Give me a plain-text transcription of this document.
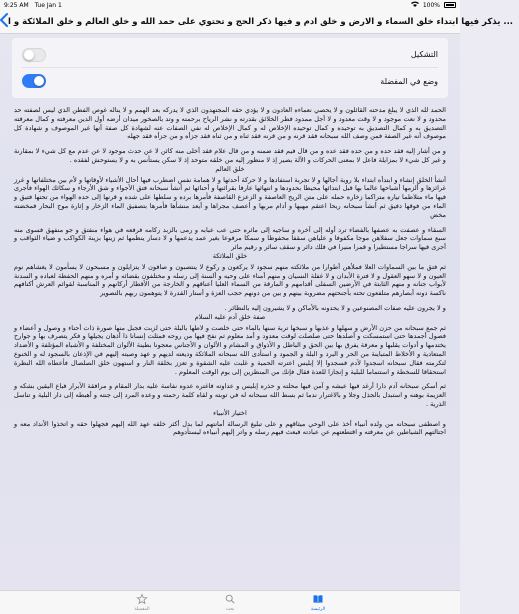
9:25 AM Tue Jan 1	100%
... يذكر فيها ابتداء خلق السماء و الارض و خلق ادم و فيها ذكر الحج و تحتوي على حمد الله و خلق العالم و خلق الملائكة و ا
التشكيل
وضع في المفضلة

الحمد لله الذي لا يبلغ مدحته القائلون و لا يحصي نعماءه العادون و لا يؤدي حقه المجتهدون الذي لا يدركه بعد الهمم و لا يناله غوص الفطن الذي ليس لصفته حد محدود و لا نعت موجود و لا وقت معدود و لا أجل ممدود فطر الخلائق بقدرته و نشر الرياح برحمته و وتد بالصخور ميدان أرضه أول الدين معرفته و كمال معرفته التصديق به و كمال التصديق به توحيده و كمال توحيده الإخلاص له و كمال الإخلاص له نفي الصفات عنه لشهادة كل صفة أنها غير الموصوف و شهادة كل موصوف أنه غير الصفة فمن وصف الله سبحانه فقد قرنه و من قرنه فقد ثناه و من ثناه فقد جزأه و من جزأه فقد جهله

و من أشار إليه فقد حده و من حده فقد عده و من قال فيم فقد ضمنه و من قال علام فقد أخلى منه كائن لا عن حدث موجود لا عن عدم مع كل شيء لا بمقارنة و غير كل شيء لا بمزايلة فاعل لا بمعنى الحركات و الآلة بصير إذ لا منظور إليه من خلقه متوحد إذ لا سكن يستأنس به و لا يستوحش لفقده .

خلق العالم

أنشأ الخلق إنشاء و ابتدأه ابتداء بلا روية أجالها و لا تجربة استفادها و لا حركة أحدثها و لا همامة نفس اضطرب فيها أحال الأشياء لأوقاتها و لأم بين مختلفاتها و غرز غرائزها و ألزمها أشباحها عالما بها قبل ابتدائها محيطا بحدودها و انتهائها عارفا بقرائنها و أحنائها ثم أنشأ سبحانه فتق الأجواء و شق الأرجاء و سكائك الهواء فأجرى فيها ماء متلاطما تياره متراكما زخاره حمله على متن الريح العاصفة و الزعزع القاصفة فأمرها برده و سلطها على شده و قرنها إلى حده الهواء من تحتها فتيق و الماء من فوقها دفيق ثم أنشأ سبحانه ريحا اعتقم مهبها و أدام مربها و أعصف مجراها و أبعد منشأها فأمرها بتصفيق الماء الزخار و إثارة موج البحار فمخضته مخض

السقاء و عصفت به عصفها بالفضاء ترد أوله إلى آخره و ساجيه إلى مائره حتى عب عبابه و رمى بالزبد ركامه فرفعه في هواء منفتق و جو منفهق فسوى منه سبع سماوات جعل سفلاهن موجا مكفوفا و علياهن سقفا محفوظا و سمكا مرفوعا بغير عمد يدعمها و لا دسار ينظمها ثم زينها بزينة الكواكب و ضياء الثواقب و أجرى فيها سراجا مستطيرا و قمرا منيرا في فلك دائر و سقف سائر و رقيم مائر

خلق الملائكة

ثم فتق ما بين السماوات العلا فملأهن أطوارا من ملائكته منهم سجود لا يركعون و ركوع لا ينتصبون و صافون لا يتزايلون و مسبحون لا يسأمون لا يغشاهم نوم العيون و لا سهو العقول و لا فترة الأبدان و لا غفلة النسيان و منهم أمناء على وحيه و ألسنة إلى رسله و مختلفون بقضائه و أمره و منهم الحفظة لعباده و السدنة لأبواب جنانه و منهم الثابتة في الأرضين السفلى أقدامهم و المارقة من السماء العليا أعناقهم و الخارجة من الأقطار أركانهم و المناسبة لقوائم العرش أكتافهم ناكسة دونه أبصارهم متلفعون تحته بأجنحتهم مضروبة بينهم و بين من دونهم حجب العزة و أستار القدرة لا يتوهمون ربهم بالتصوير

و لا يجرون عليه صفات المصنوعين و لا يحدونه بالأماكن و لا يشيرون إليه بالنظائر .

صفة خلق آدم عليه السلام

ثم جمع سبحانه من حزن الأرض و سهلها و عذبها و سبخها تربة سنها بالماء حتى خلصت و لاطها بالبلة حتى لزبت فجبل منها صورة ذات أحناء و وصول و أعضاء و فصول أجمدها حتى استمسكت و أصلدها حتى صلصلت لوقت معدود و أمد معلوم ثم نفخ فيها من روحه فمثلت إنسانا ذا أذهان يجيلها و فكر يتصرف بها و جوارح يختدمها و أدوات يقلبها و معرفة يفرق بها بين الحق و الباطل و الأذواق و المشام و الألوان و الأجناس معجونا بطينة الألوان المختلفة و الأشباه المؤتلفة و الأضداد المتعادية و الأخلاط المتباينة من الحر و البرد و البلة و الجمود و استأدى الله سبحانه الملائكة وديعته لديهم و عهد وصيته إليهم في الإذعان بالسجود له و الخنوع لتكرمته فقال سبحانه اسجدوا لآدم فسجدوا إلا إبليس اعترته الحمية و غلبت عليه الشقوة و تعزز بخلقة النار و استهون خلق الصلصال فأعطاه الله النظرة استحقاقا للسخطة و استتماما للبلية و إنجازا للعدة فقال فإنك من المنظرين إلى يوم الوقت المعلوم .

ثم أسكن سبحانه آدم دارا أرغد فيها عيشه و آمن فيها محلته و حذره إبليس و عداوته فاغتره عدوه نفاسة عليه بدار المقام و مرافقة الأبرار فباع اليقين بشكه و العزيمة بوهنه و استبدل بالجذل وجلا و بالاغترار ندما ثم بسط الله سبحانه له في توبته و لقاه كلمة رحمته و وعده المرد إلى جنته و أهبطه إلى دار البلية و تناسل الذرية .

اختيار الأنبياء

و اصطفى سبحانه من ولده أنبياء أخذ على الوحي ميثاقهم و على تبليغ الرسالة أمانتهم لما بدل أكثر خلقه عهد الله إليهم فجهلوا حقه و اتخذوا الأنداد معه و اجتالتهم الشياطين عن معرفته و اقتطعتهم عن عبادته فبعث فيهم رسله و واتر إليهم أنبياءه ليستأدوهم

المفضلة	بحث	الرئيسة
